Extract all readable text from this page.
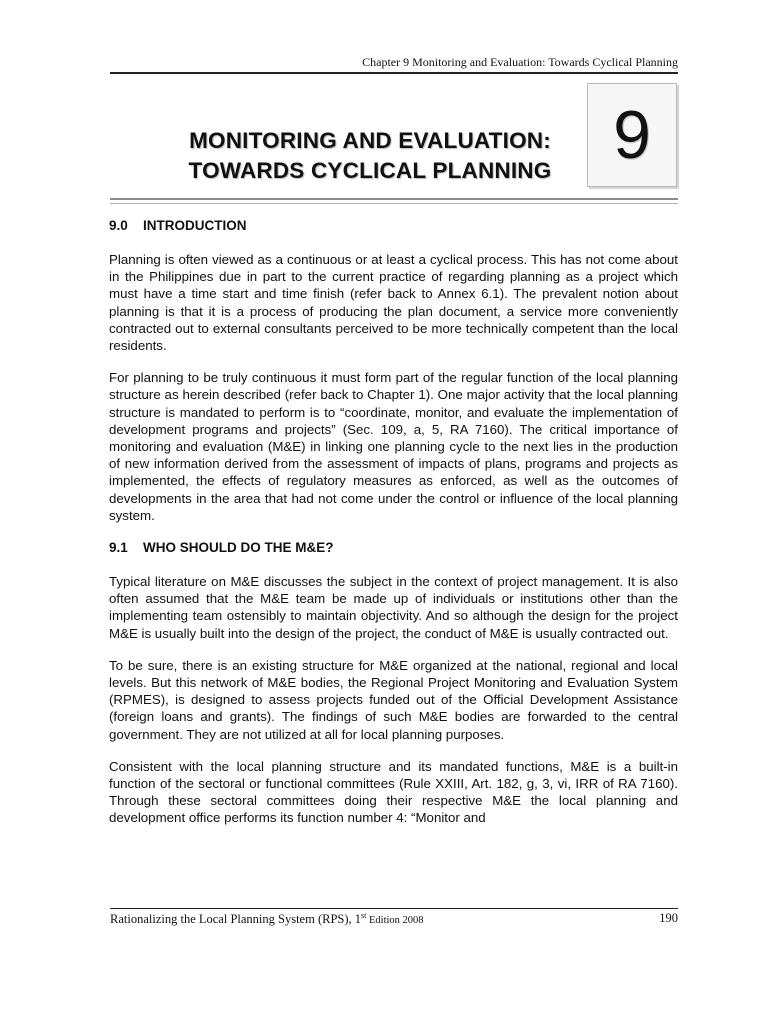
Chapter 9 Monitoring and Evaluation: Towards Cyclical Planning
MONITORING AND EVALUATION:
TOWARDS CYCLICAL PLANNING 9
9.0 INTRODUCTION

Planning is often viewed as a continuous or at least a cyclical process. This has not come about in the Philippines due in part to the current practice of regarding planning as a project which must have a time start and time finish (refer back to Annex 6.1). The prevalent notion about planning is that it is a process of producing the plan document, a service more conveniently contracted out to external consultants perceived to be more technically competent than the local residents.

For planning to be truly continuous it must form part of the regular function of the local planning structure as herein described (refer back to Chapter 1). One major activity that the local planning structure is mandated to perform is to “coordinate, monitor, and evaluate the implementation of development programs and projects” (Sec. 109, a, 5, RA 7160). The critical importance of monitoring and evaluation (M&E) in linking one planning cycle to the next lies in the production of new information derived from the assessment of impacts of plans, programs and projects as implemented, the effects of regulatory measures as enforced, as well as the outcomes of developments in the area that had not come under the control or influence of the local planning system.

9.1 WHO SHOULD DO THE M&E?

Typical literature on M&E discusses the subject in the context of project management. It is also often assumed that the M&E team be made up of individuals or institutions other than the implementing team ostensibly to maintain objectivity. And so although the design for the project M&E is usually built into the design of the project, the conduct of M&E is usually contracted out.

To be sure, there is an existing structure for M&E organized at the national, regional and local levels. But this network of M&E bodies, the Regional Project Monitoring and Evaluation System (RPMES), is designed to assess projects funded out of the Official Development Assistance (foreign loans and grants). The findings of such M&E bodies are forwarded to the central government. They are not utilized at all for local planning purposes.

Consistent with the local planning structure and its mandated functions, M&E is a built-in function of the sectoral or functional committees (Rule XXIII, Art. 182, g, 3, vi, IRR of RA 7160). Through these sectoral committees doing their respective M&E the local planning and development office performs its function number 4: “Monitor and

Rationalizing the Local Planning System (RPS), 1st Edition 2008	190
